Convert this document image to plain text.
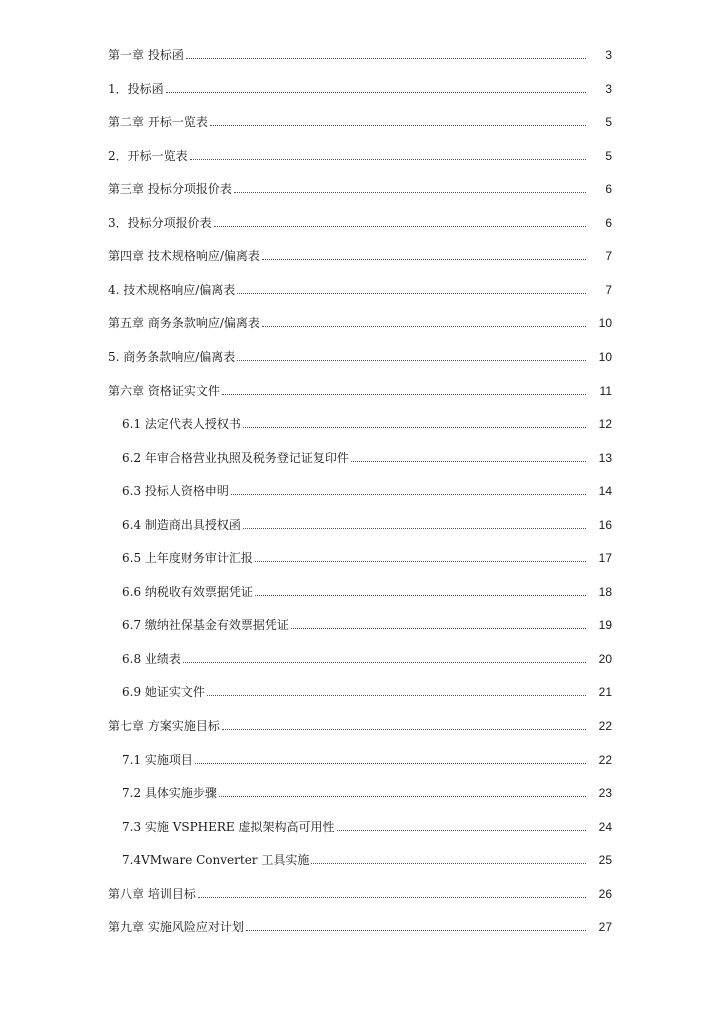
第一章 投标函	3
1．投标函	3
第二章 开标一览表	5
2．开标一览表	5
第三章 投标分项报价表	6
3．投标分项报价表	6
第四章 技术规格响应/偏离表	7
4. 技术规格响应/偏离表	7
第五章 商务条款响应/偏离表	10
5. 商务条款响应/偏离表	10
第六章 资格证实文件	11
6.1 法定代表人授权书	12
6.2 年审合格营业执照及税务登记证复印件	13
6.3 投标人资格申明	14
6.4 制造商出具授权函	16
6.5 上年度财务审计汇报	17
6.6 纳税收有效票据凭证	18
6.7 缴纳社保基金有效票据凭证	19
6.8 业绩表	20
6.9 她证实文件	21
第七章 方案实施目标	22
7.1 实施项目	22
7.2 具体实施步骤	23
7.3 实施 VSPHERE 虚拟架构高可用性	24
7.4VMware Converter 工具实施	25
第八章 培训目标	26
第九章 实施风险应对计划	27
